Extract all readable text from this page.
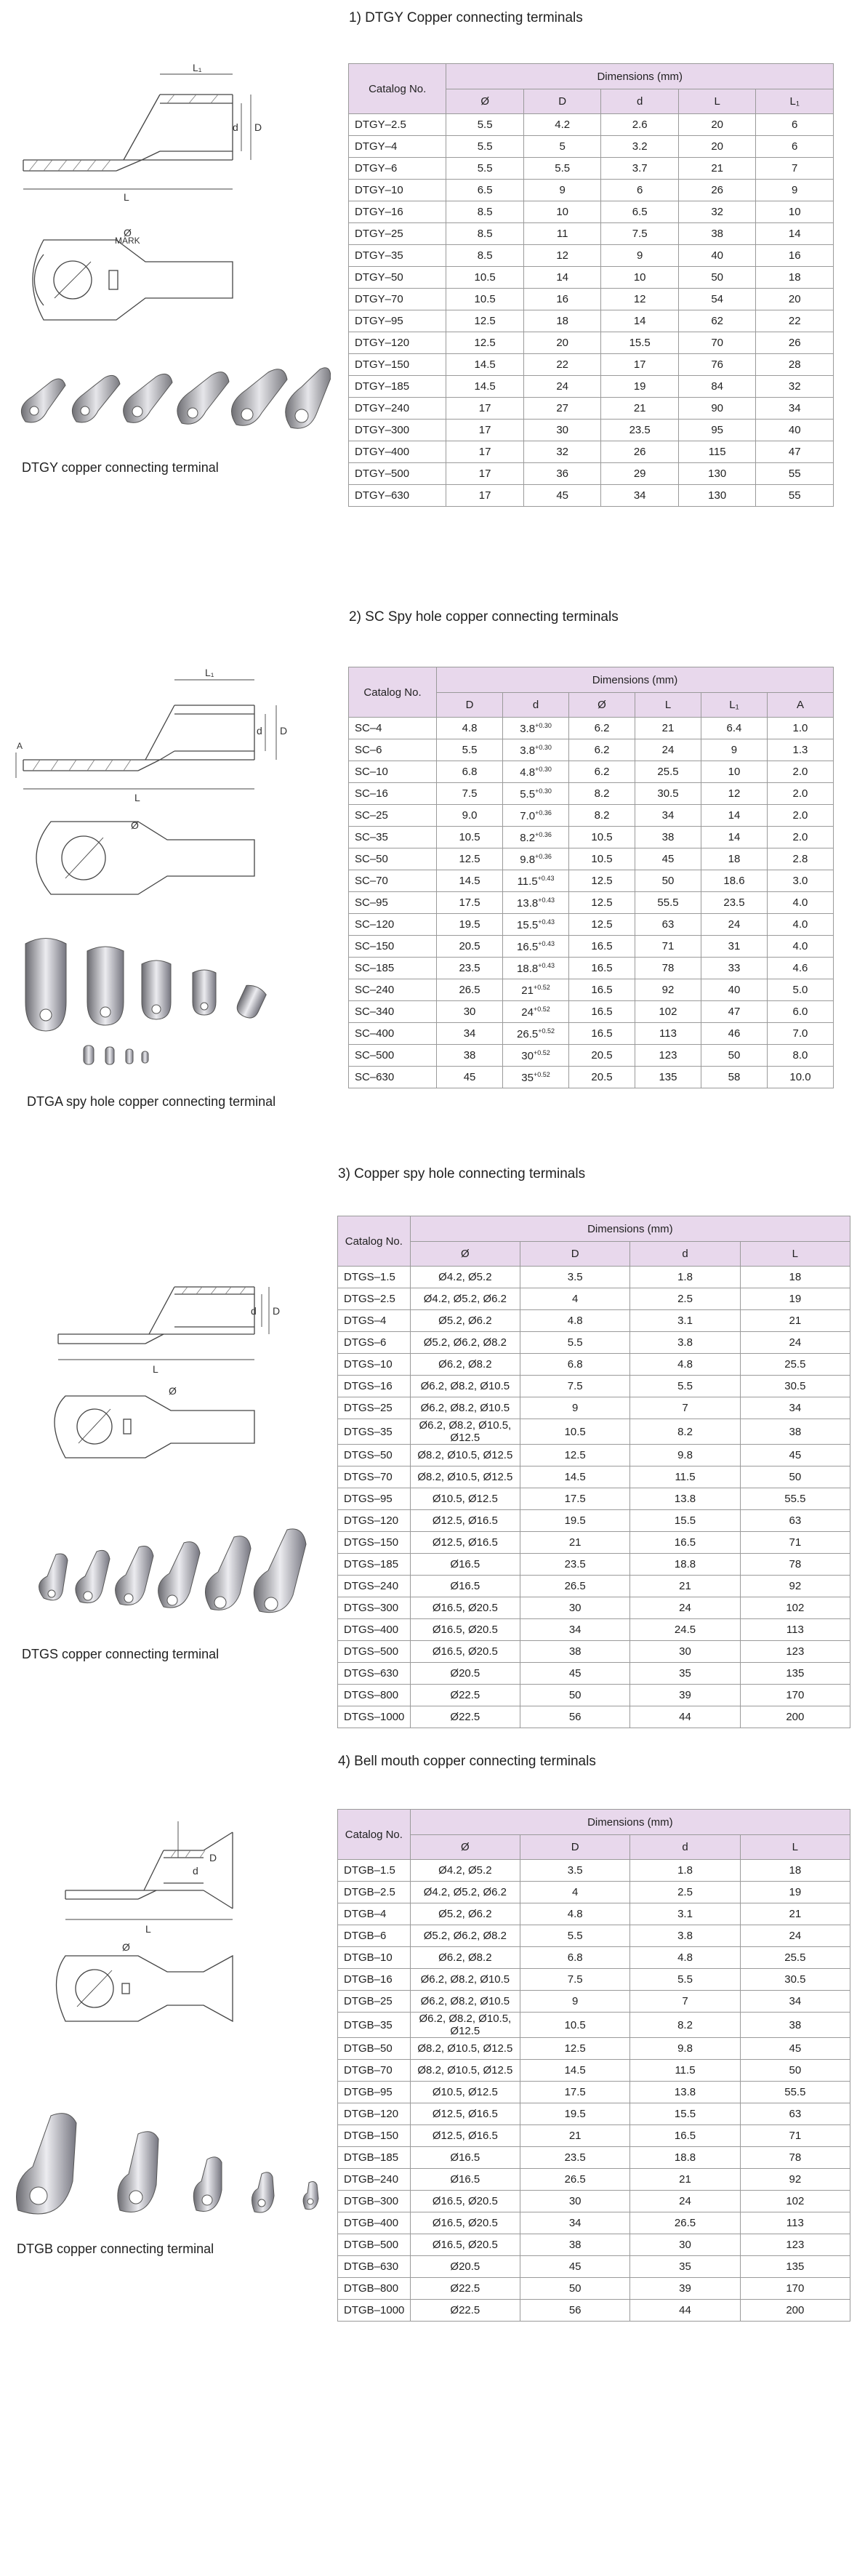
1) DTGY Copper connecting terminals
L₁
L
D
d
MARK
Ø
DTGY copper connecting terminal
Catalog No.	Dimensions (mm)				
	Ø	D	d	L	L₁
DTGY–2.5	5.5	4.2	2.6	20	6
DTGY–4	5.5	5	3.2	20	6
DTGY–6	5.5	5.5	3.7	21	7
DTGY–10	6.5	9	6	26	9
DTGY–16	8.5	10	6.5	32	10
DTGY–25	8.5	11	7.5	38	14
DTGY–35	8.5	12	9	40	16
DTGY–50	10.5	14	10	50	18
DTGY–70	10.5	16	12	54	20
DTGY–95	12.5	18	14	62	22
DTGY–120	12.5	20	15.5	70	26
DTGY–150	14.5	22	17	76	28
DTGY–185	14.5	24	19	84	32
DTGY–240	17	27	21	90	34
DTGY–300	17	30	23.5	95	40
DTGY–400	17	32	26	115	47
DTGY–500	17	36	29	130	55
DTGY–630	17	45	34	130	55
2) SC Spy hole copper connecting terminals
L₁
L
D
d
A
Ø
DTGA spy hole copper connecting terminal
Catalog No.	Dimensions (mm)					
	D	d	Ø	L	L₁	A
SC–4	4.8	$3.8^{+0.30}$	6.2	21	6.4	1.0
SC–6	5.5	$3.8^{+0.30}$	6.2	24	9	1.3
SC–10	6.8	$4.8^{+0.30}$	6.2	25.5	10	2.0
SC–16	7.5	$5.5^{+0.30}$	8.2	30.5	12	2.0
SC–25	9.0	$7.0^{+0.36}$	8.2	34	14	2.0
SC–35	10.5	$8.2^{+0.36}$	10.5	38	14	2.0
SC–50	12.5	$9.8^{+0.36}$	10.5	45	18	2.8
SC–70	14.5	$11.5^{+0.43}$	12.5	50	18.6	3.0
SC–95	17.5	$13.8^{+0.43}$	12.5	55.5	23.5	4.0
SC–120	19.5	$15.5^{+0.43}$	12.5	63	24	4.0
SC–150	20.5	$16.5^{+0.43}$	16.5	71	31	4.0
SC–185	23.5	$18.8^{+0.43}$	16.5	78	33	4.6
SC–240	26.5	$21^{+0.52}$	16.5	92	40	5.0
SC–340	30	$24^{+0.52}$	16.5	102	47	6.0
SC–400	34	$26.5^{+0.52}$	16.5	113	46	7.0
SC–500	38	$30^{+0.52}$	20.5	123	50	8.0
SC–630	45	$35^{+0.52}$	20.5	135	58	10.0
3) Copper spy hole connecting terminals
L
D
d
Ø
DTGS copper connecting terminal
Catalog No.	Dimensions (mm)			
	Ø	D	d	L
DTGS–1.5	Ø4.2, Ø5.2	3.5	1.8	18
DTGS–2.5	Ø4.2, Ø5.2, Ø6.2	4	2.5	19
DTGS–4	Ø5.2, Ø6.2	4.8	3.1	21
DTGS–6	Ø5.2, Ø6.2, Ø8.2	5.5	3.8	24
DTGS–10	Ø6.2, Ø8.2	6.8	4.8	25.5
DTGS–16	Ø6.2, Ø8.2, Ø10.5	7.5	5.5	30.5
DTGS–25	Ø6.2, Ø8.2, Ø10.5	9	7	34
DTGS–35	Ø6.2, Ø8.2, Ø10.5, Ø12.5	10.5	8.2	38
DTGS–50	Ø8.2, Ø10.5, Ø12.5	12.5	9.8	45
DTGS–70	Ø8.2, Ø10.5, Ø12.5	14.5	11.5	50
DTGS–95	Ø10.5, Ø12.5	17.5	13.8	55.5
DTGS–120	Ø12.5, Ø16.5	19.5	15.5	63
DTGS–150	Ø12.5, Ø16.5	21	16.5	71
DTGS–185	Ø16.5	23.5	18.8	78
DTGS–240	Ø16.5	26.5	21	92
DTGS–300	Ø16.5, Ø20.5	30	24	102
DTGS–400	Ø16.5, Ø20.5	34	24.5	113
DTGS–500	Ø16.5, Ø20.5	38	30	123
DTGS–630	Ø20.5	45	35	135
DTGS–800	Ø22.5	50	39	170
DTGS–1000	Ø22.5	56	44	200
4) Bell mouth copper connecting terminals
L
D
d
Ø
DTGB copper connecting terminal
Catalog No.	Dimensions (mm)			
	Ø	D	d	L
DTGB–1.5	Ø4.2, Ø5.2	3.5	1.8	18
DTGB–2.5	Ø4.2, Ø5.2, Ø6.2	4	2.5	19
DTGB–4	Ø5.2, Ø6.2	4.8	3.1	21
DTGB–6	Ø5.2, Ø6.2, Ø8.2	5.5	3.8	24
DTGB–10	Ø6.2, Ø8.2	6.8	4.8	25.5
DTGB–16	Ø6.2, Ø8.2, Ø10.5	7.5	5.5	30.5
DTGB–25	Ø6.2, Ø8.2, Ø10.5	9	7	34
DTGB–35	Ø6.2, Ø8.2, Ø10.5, Ø12.5	10.5	8.2	38
DTGB–50	Ø8.2, Ø10.5, Ø12.5	12.5	9.8	45
DTGB–70	Ø8.2, Ø10.5, Ø12.5	14.5	11.5	50
DTGB–95	Ø10.5, Ø12.5	17.5	13.8	55.5
DTGB–120	Ø12.5, Ø16.5	19.5	15.5	63
DTGB–150	Ø12.5, Ø16.5	21	16.5	71
DTGB–185	Ø16.5	23.5	18.8	78
DTGB–240	Ø16.5	26.5	21	92
DTGB–300	Ø16.5, Ø20.5	30	24	102
DTGB–400	Ø16.5, Ø20.5	34	26.5	113
DTGB–500	Ø16.5, Ø20.5	38	30	123
DTGB–630	Ø20.5	45	35	135
DTGB–800	Ø22.5	50	39	170
DTGB–1000	Ø22.5	56	44	200
